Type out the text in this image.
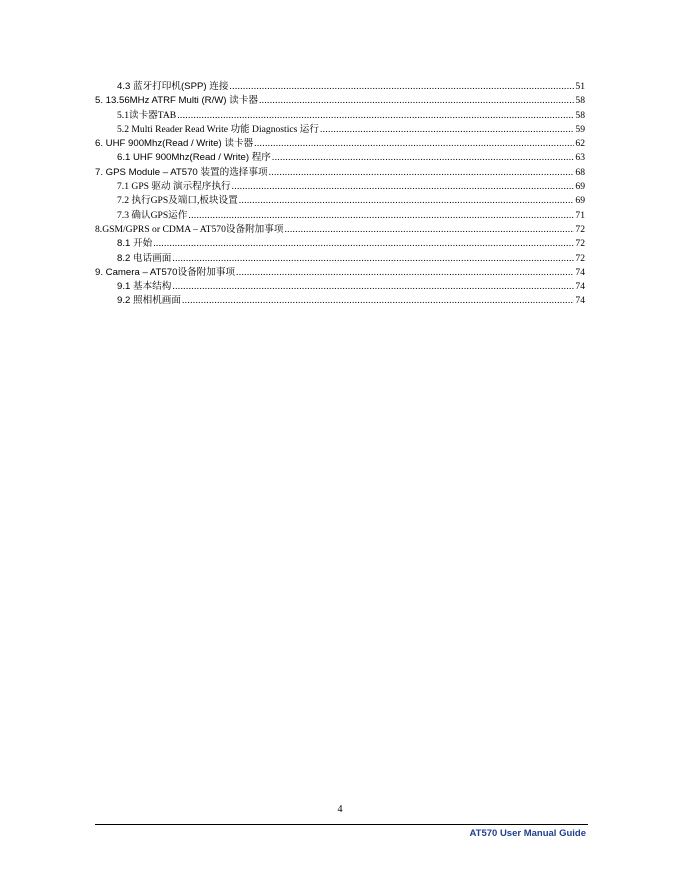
4.3 蓝牙打印机(SPP) 连接 .....	51
5. 13.56MHz ATRF Multi (R/W) 读卡器 .....	58
5.1读卡器TAB .....	58
5.2 Multi Reader Read Write 功能 Diagnostics 运行 .....	59
6. UHF 900Mhz(Read / Write) 读卡器 .....	62
6.1 UHF 900Mhz(Read / Write) 程序 .....	63
7. GPS Module – AT570 装置的选择事项 .....	68
7.1 GPS 驱动 演示程序执行 .....	69
7.2 执行GPS及端口,板块设置 .....	69
7.3 确认GPS运作 .....	71
8.GSM/GPRS or CDMA – AT570设备附加事项 .....	72
8.1 开始 .....	72
8.2 电话画面 .....	72
9. Camera – AT570设备附加事项 .....	74
9.1 基本结构 .....	74
9.2 照相机画面 .....	74
4
AT570 User Manual Guide
